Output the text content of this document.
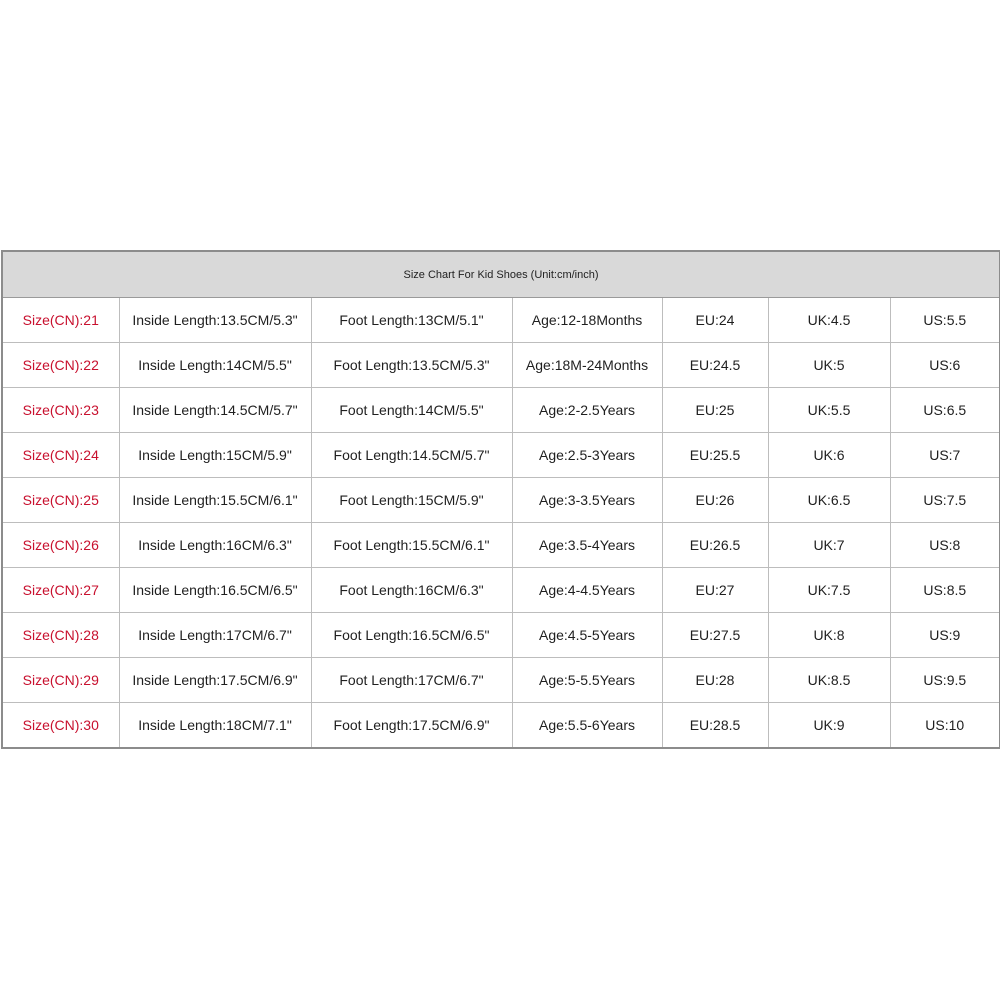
Size Chart For Kid Shoes (Unit:cm/inch)						
Size(CN):21	Inside Length:13.5CM/5.3"	Foot Length:13CM/5.1"	Age:12-18Months	EU:24	UK:4.5	US:5.5
Size(CN):22	Inside Length:14CM/5.5"	Foot Length:13.5CM/5.3"	Age:18M-24Months	EU:24.5	UK:5	US:6
Size(CN):23	Inside Length:14.5CM/5.7"	Foot Length:14CM/5.5"	Age:2-2.5Years	EU:25	UK:5.5	US:6.5
Size(CN):24	Inside Length:15CM/5.9"	Foot Length:14.5CM/5.7"	Age:2.5-3Years	EU:25.5	UK:6	US:7
Size(CN):25	Inside Length:15.5CM/6.1"	Foot Length:15CM/5.9"	Age:3-3.5Years	EU:26	UK:6.5	US:7.5
Size(CN):26	Inside Length:16CM/6.3"	Foot Length:15.5CM/6.1"	Age:3.5-4Years	EU:26.5	UK:7	US:8
Size(CN):27	Inside Length:16.5CM/6.5"	Foot Length:16CM/6.3"	Age:4-4.5Years	EU:27	UK:7.5	US:8.5
Size(CN):28	Inside Length:17CM/6.7"	Foot Length:16.5CM/6.5"	Age:4.5-5Years	EU:27.5	UK:8	US:9
Size(CN):29	Inside Length:17.5CM/6.9"	Foot Length:17CM/6.7"	Age:5-5.5Years	EU:28	UK:8.5	US:9.5
Size(CN):30	Inside Length:18CM/7.1"	Foot Length:17.5CM/6.9"	Age:5.5-6Years	EU:28.5	UK:9	US:10
